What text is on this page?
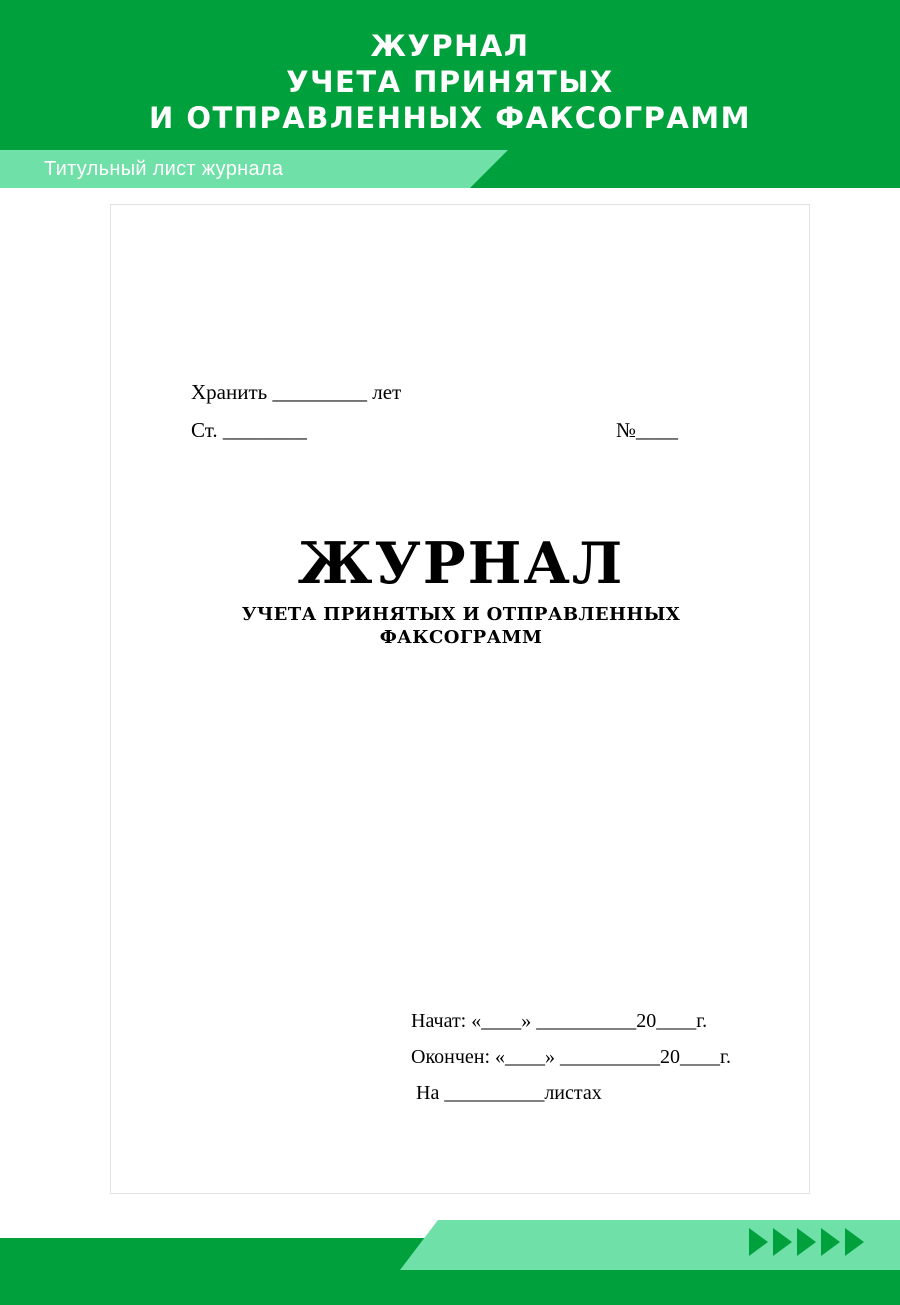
ЖУРНАЛ
УЧЕТА ПРИНЯТЫХ
И ОТПРАВЛЕННЫХ ФАКСОГРАММ
Титульный лист журнала
Хранить _________ лет
Ст. ________	№____
ЖУРНАЛ
УЧЕТА ПРИНЯТЫХ И ОТПРАВЛЕННЫХ
ФАКСОГРАММ
Начат: «____» __________20____г.
Окончен: «____» __________20____г.
На __________листах
